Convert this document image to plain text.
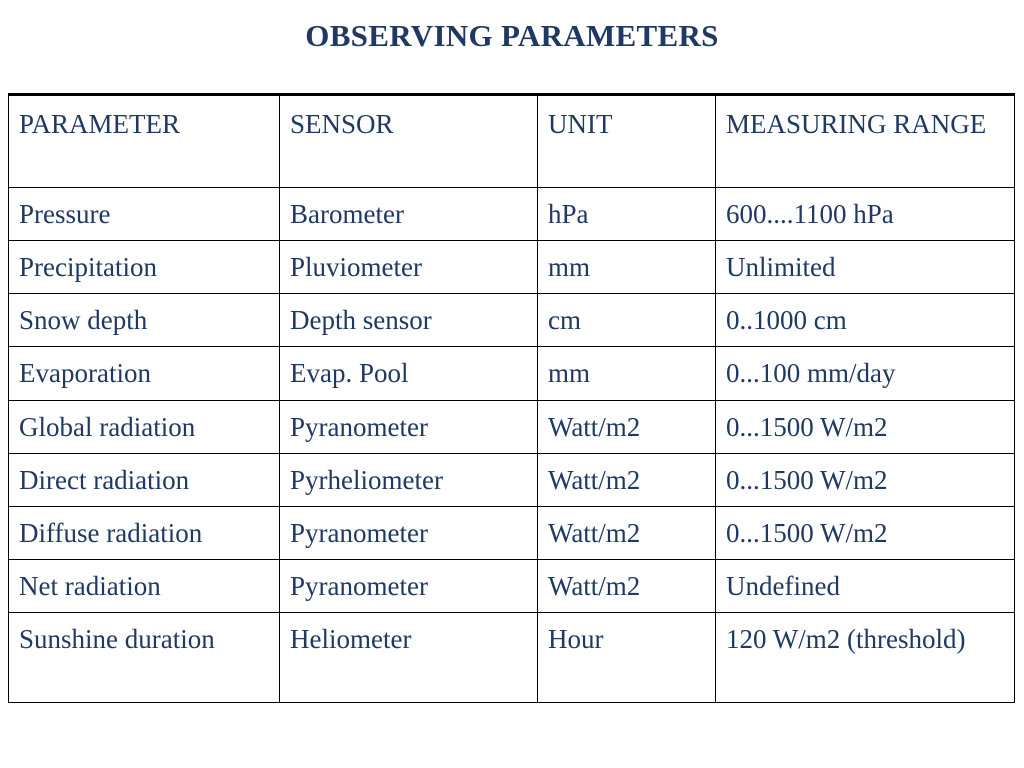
OBSERVING PARAMETERS
PARAMETER	SENSOR	UNIT	MEASURING RANGE
Pressure	Barometer	hPa	600....1100 hPa
Precipitation	Pluviometer	mm	Unlimited
Snow depth	Depth sensor	cm	0..1000 cm
Evaporation	Evap. Pool	mm	0...100 mm/day
Global radiation	Pyranometer	Watt/m2	0...1500 W/m2
Direct radiation	Pyrheliometer	Watt/m2	0...1500 W/m2
Diffuse radiation	Pyranometer	Watt/m2	0...1500 W/m2
Net radiation	Pyranometer	Watt/m2	Undefined
Sunshine duration	Heliometer	Hour	120 W/m2 (threshold)
